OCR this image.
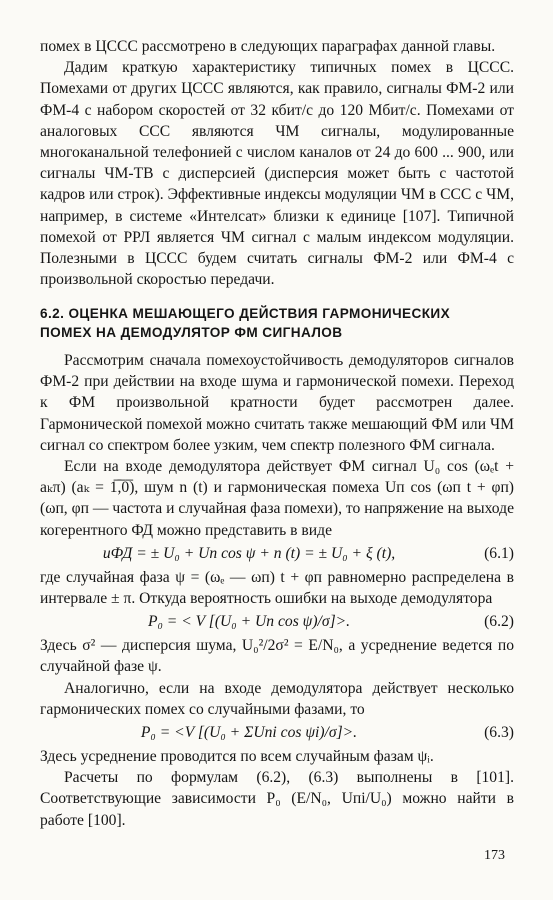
помех в ЦССС рассмотрено в следующих параграфах данной главы.

Дадим краткую характеристику типичных помех в ЦССС. Помехами от других ЦССС являются, как правило, сигналы ФМ-2 или ФМ-4 с набором скоростей от 32 кбит/с до 120 Мбит/с. Помехами от аналоговых ССС являются ЧМ сигналы, модулированные многоканальной телефонией с числом каналов от 24 до 600 ... 900, или сигналы ЧМ-ТВ с дисперсией (дисперсия может быть с частотой кадров или строк). Эффективные индексы модуляции ЧМ в ССС с ЧМ, например, в системе «Интелсат» близки к единице [107]. Типичной помехой от РРЛ является ЧМ сигнал с малым индексом модуляции. Полезными в ЦССС будем считать сигналы ФМ-2 или ФМ-4 с произвольной скоростью передачи.

6.2. ОЦЕНКА МЕШАЮЩЕГО ДЕЙСТВИЯ ГАРМОНИЧЕСКИХ
ПОМЕХ НА ДЕМОДУЛЯТОР ФМ СИГНАЛОВ

Рассмотрим сначала помехоустойчивость демодуляторов сигналов ФМ-2 при действии на входе шума и гармонической помехи. Переход к ФМ произвольной кратности будет рассмотрен далее. Гармонической помехой можно считать также мешающий ФМ или ЧМ сигнал со спектром более узким, чем спектр полезного ФМ сигнала.

Если на входе демодулятора действует ФМ сигнал U₀ cos (ωₑt + aₖπ) (aₖ = 1̅,̅0̅), шум n (t) и гармоническая помеха Uп cos (ωп t + φп) (ωп, φп — частота и случайная фаза помехи), то напряжение на выходе когерентного ФД можно представить в виде

uФД = ± U₀ + Uп cos ψ + n (t) = ± U₀ + ξ (t),	(6.1)

где случайная фаза ψ = (ωₑ — ωп) t + φп равномерно распределена в интервале ± π. Откуда вероятность ошибки на выходе демодулятора

P₀ = < V [(U₀ + Uп cos ψ)/σ]>.	(6.2)

Здесь σ² — дисперсия шума, U₀²/2σ² = E/N₀, а усреднение ведется по случайной фазе ψ.

Аналогично, если на входе демодулятора действует несколько гармонических помех со случайными фазами, то

P₀ = <V [(U₀ + ΣUпi cos ψi)/σ]>.	(6.3)

Здесь усреднение проводится по всем случайным фазам ψᵢ.

Расчеты по формулам (6.2), (6.3) выполнены в [101]. Соответствующие зависимости P₀ (E/N₀, Uпi/U₀) можно найти в работе [100].

173
